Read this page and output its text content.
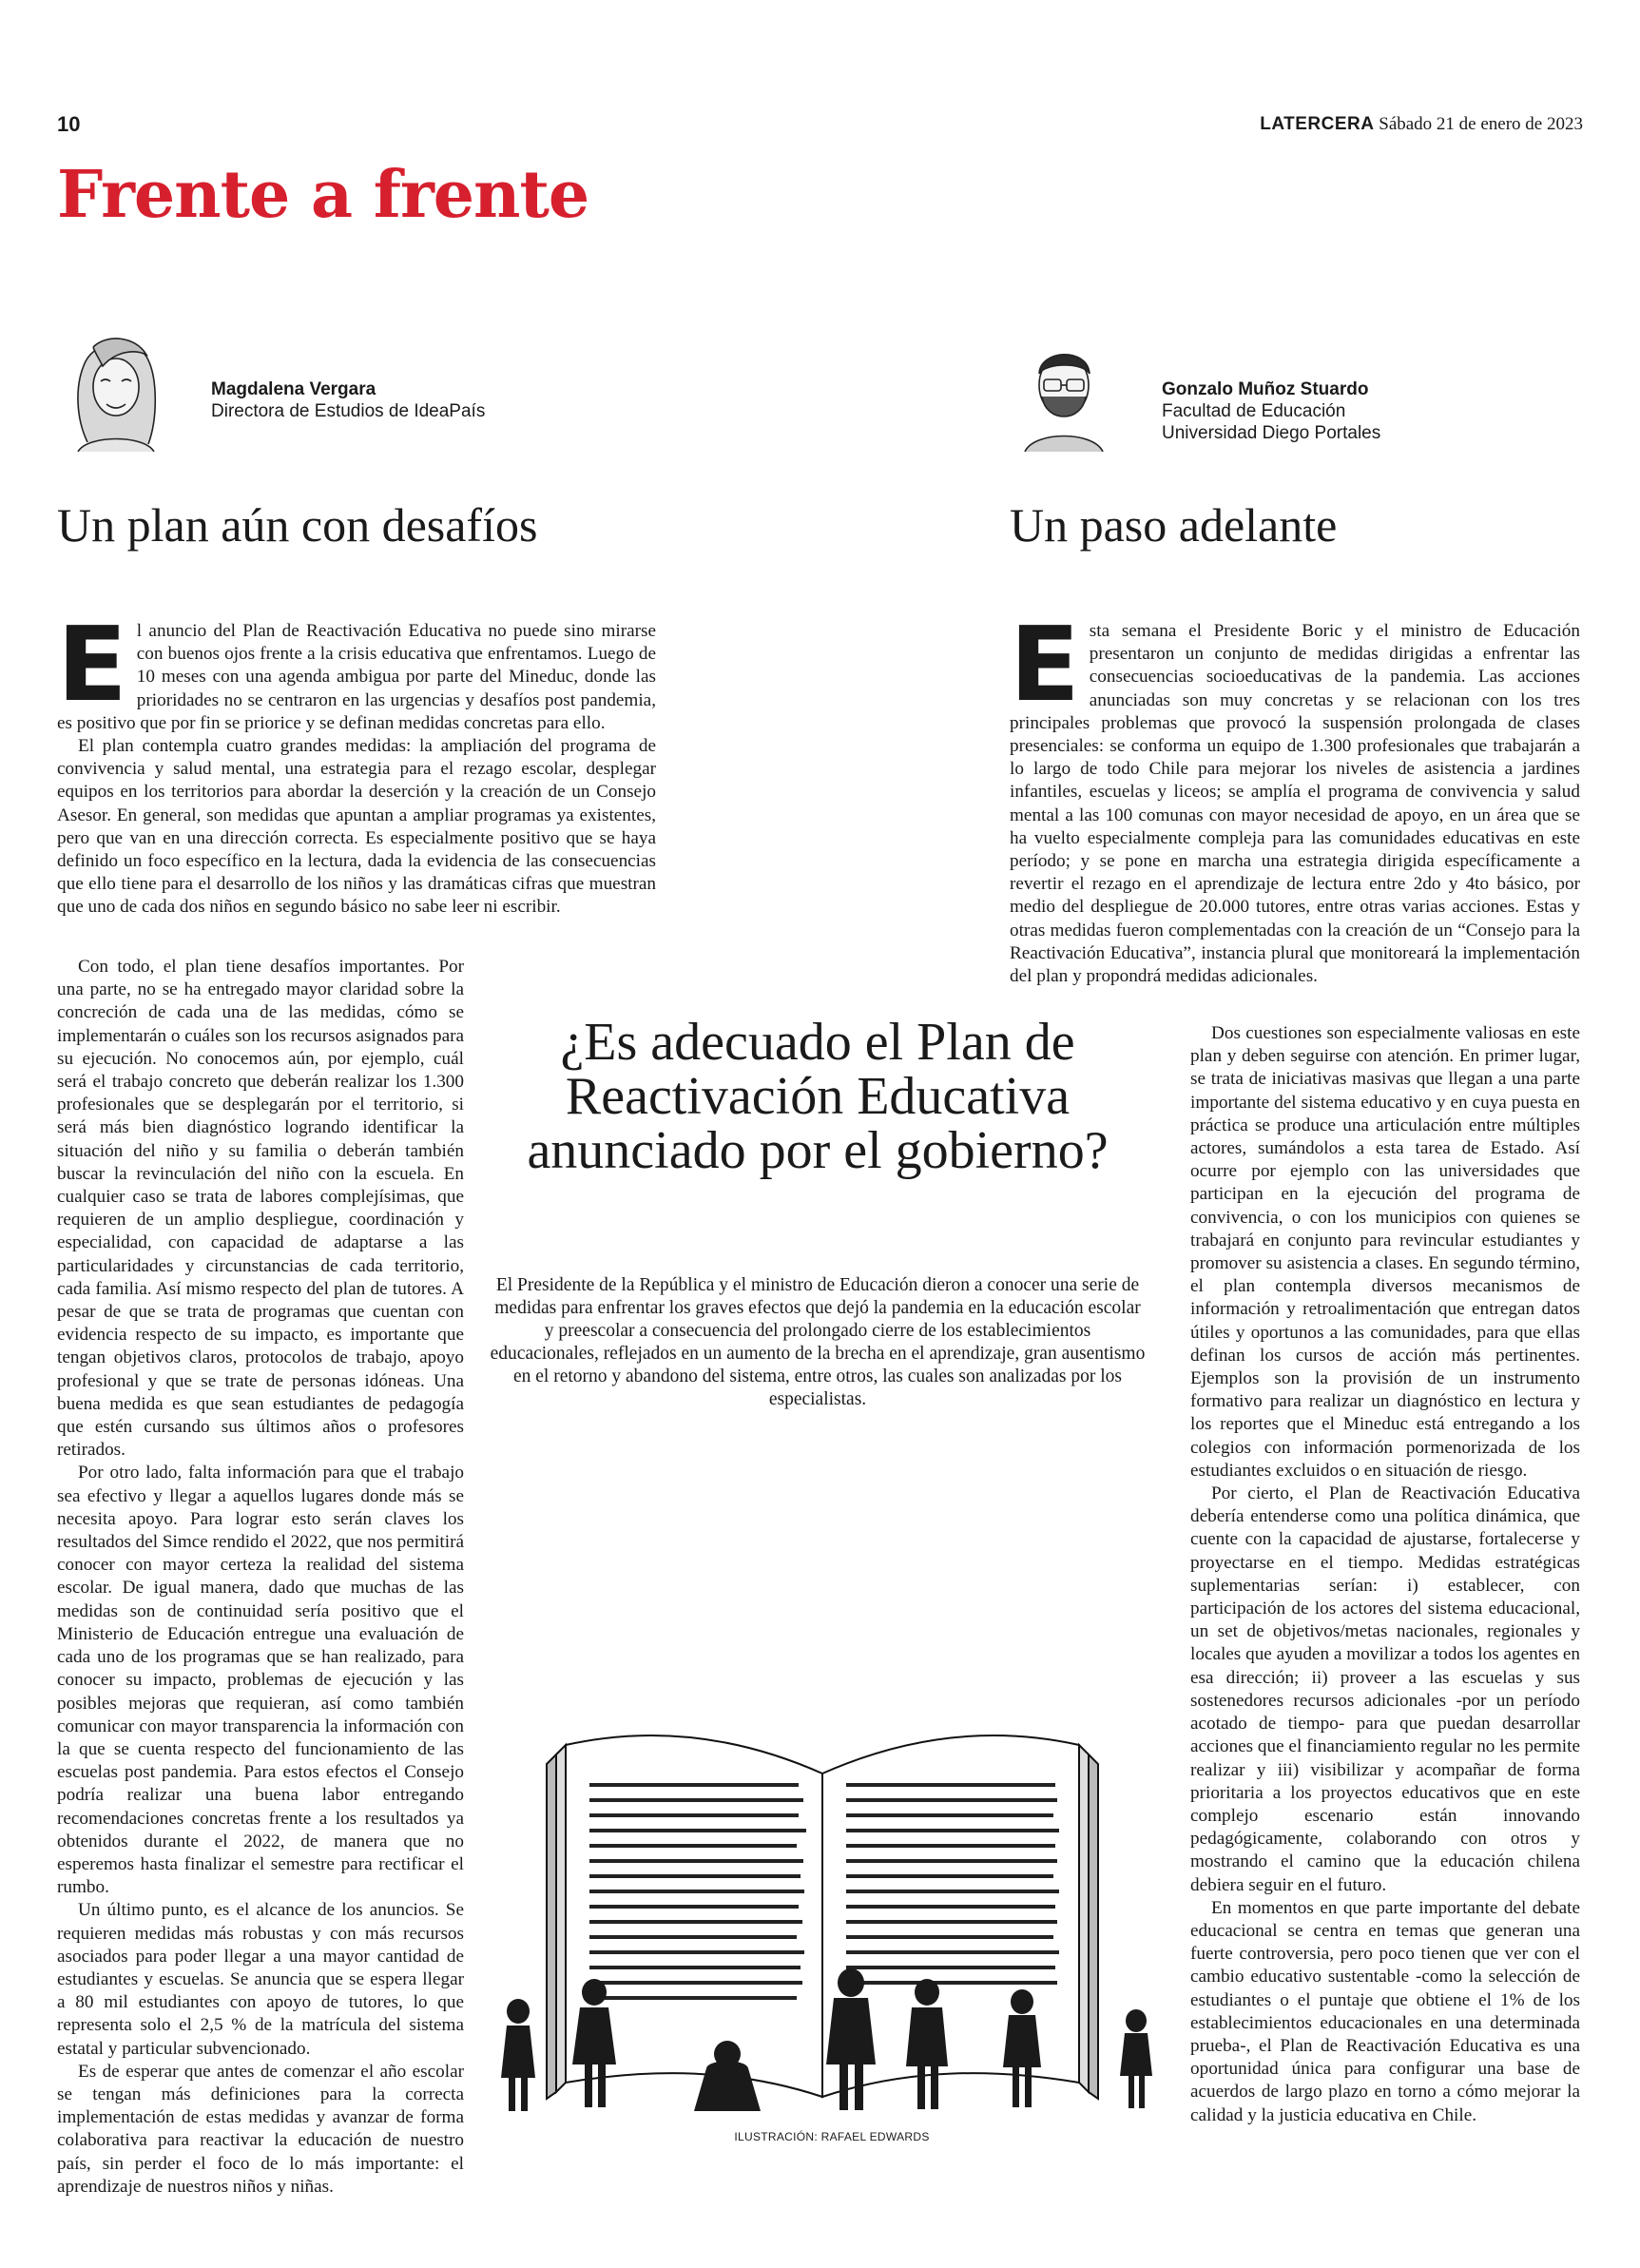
10	LATERCERA Sábado 21 de enero de 2023
Frente a frente
Magdalena Vergara
Directora de Estudios de IdeaPaís
Un plan aún con desafíos
Gonzalo Muñoz Stuardo
Facultad de Educación
Universidad Diego Portales
Un paso adelante
E l anuncio del Plan de Reactivación Educativa no puede sino mirarse con buenos ojos frente a la crisis educativa que enfrentamos. Luego de 10 meses con una agenda ambigua por parte del Mineduc, donde las prioridades no se centraron en las urgencias y desafíos post pandemia, es positivo que por fin se priorice y se definan medidas concretas para ello.

El plan contempla cuatro grandes medidas: la ampliación del programa de convivencia y salud mental, una estrategia para el rezago escolar, desplegar equipos en los territorios para abordar la deserción y la creación de un Consejo Asesor. En general, son medidas que apuntan a ampliar programas ya existentes, pero que van en una dirección correcta. Es especialmente positivo que se haya definido un foco específico en la lectura, dada la evidencia de las consecuencias que ello tiene para el desarrollo de los niños y las dramáticas cifras que muestran que uno de cada dos niños en segundo básico no sabe leer ni escribir.

Con todo, el plan tiene desafíos importantes. Por una parte, no se ha entregado mayor claridad sobre la concreción de cada una de las medidas, cómo se implementarán o cuáles son los recursos asignados para su ejecución. No conocemos aún, por ejemplo, cuál será el trabajo concreto que deberán realizar los 1.300 profesionales que se desplegarán por el territorio, si será más bien diagnóstico logrando identificar la situación del niño y su familia o deberán también buscar la revinculación del niño con la escuela. En cualquier caso se trata de labores complejísimas, que requieren de un amplio despliegue, coordinación y especialidad, con capacidad de adaptarse a las particularidades y circunstancias de cada territorio, cada familia. Así mismo respecto del plan de tutores. A pesar de que se trata de programas que cuentan con evidencia respecto de su impacto, es importante que tengan objetivos claros, protocolos de trabajo, apoyo profesional y que se trate de personas idóneas. Una buena medida es que sean estudiantes de pedagogía que estén cursando sus últimos años o profesores retirados.

Por otro lado, falta información para que el trabajo sea efectivo y llegar a aquellos lugares donde más se necesita apoyo. Para lograr esto serán claves los resultados del Simce rendido el 2022, que nos permitirá conocer con mayor certeza la realidad del sistema escolar. De igual manera, dado que muchas de las medidas son de continuidad sería positivo que el Ministerio de Educación entregue una evaluación de cada uno de los programas que se han realizado, para conocer su impacto, problemas de ejecución y las posibles mejoras que requieran, así como también comunicar con mayor transparencia la información con la que se cuenta respecto del funcionamiento de las escuelas post pandemia. Para estos efectos el Consejo podría realizar una buena labor entregando recomendaciones concretas frente a los resultados ya obtenidos durante el 2022, de manera que no esperemos hasta finalizar el semestre para rectificar el rumbo.

Un último punto, es el alcance de los anuncios. Se requieren medidas más robustas y con más recursos asociados para poder llegar a una mayor cantidad de estudiantes y escuelas. Se anuncia que se espera llegar a 80 mil estudiantes con apoyo de tutores, lo que representa solo el 2,5 % de la matrícula del sistema estatal y particular subvencionado.

Es de esperar que antes de comenzar el año escolar se tengan más definiciones para la correcta implementación de estas medidas y avanzar de forma colaborativa para reactivar la educación de nuestro país, sin perder el foco de lo más importante: el aprendizaje de nuestros niños y niñas.

E sta semana el Presidente Boric y el ministro de Educación presentaron un conjunto de medidas dirigidas a enfrentar las consecuencias socioeducativas de la pandemia. Las acciones anunciadas son muy concretas y se relacionan con los tres principales problemas que provocó la suspensión prolongada de clases presenciales: se conforma un equipo de 1.300 profesionales que trabajarán a lo largo de todo Chile para mejorar los niveles de asistencia a jardines infantiles, escuelas y liceos; se amplía el programa de convivencia y salud mental a las 100 comunas con mayor necesidad de apoyo, en un área que se ha vuelto especialmente compleja para las comunidades educativas en este período; y se pone en marcha una estrategia dirigida específicamente a revertir el rezago en el aprendizaje de lectura entre 2do y 4to básico, por medio del despliegue de 20.000 tutores, entre otras varias acciones. Estas y otras medidas fueron complementadas con la creación de un “Consejo para la Reactivación Educativa”, instancia plural que monitoreará la implementación del plan y propondrá medidas adicionales.

Dos cuestiones son especialmente valiosas en este plan y deben seguirse con atención. En primer lugar, se trata de iniciativas masivas que llegan a una parte importante del sistema educativo y en cuya puesta en práctica se produce una articulación entre múltiples actores, sumándolos a esta tarea de Estado. Así ocurre por ejemplo con las universidades que participan en la ejecución del programa de convivencia, o con los municipios con quienes se trabajará en conjunto para revincular estudiantes y promover su asistencia a clases. En segundo término, el plan contempla diversos mecanismos de información y retroalimentación que entregan datos útiles y oportunos a las comunidades, para que ellas definan los cursos de acción más pertinentes. Ejemplos son la provisión de un instrumento formativo para realizar un diagnóstico en lectura y los reportes que el Mineduc está entregando a los colegios con información pormenorizada de los estudiantes excluidos o en situación de riesgo.

Por cierto, el Plan de Reactivación Educativa debería entenderse como una política dinámica, que cuente con la capacidad de ajustarse, fortalecerse y proyectarse en el tiempo. Medidas estratégicas suplementarias serían: i) establecer, con participación de los actores del sistema educacional, un set de objetivos/metas nacionales, regionales y locales que ayuden a movilizar a todos los agentes en esa dirección; ii) proveer a las escuelas y sus sostenedores recursos adicionales -por un período acotado de tiempo- para que puedan desarrollar acciones que el financiamiento regular no les permite realizar y iii) visibilizar y acompañar de forma prioritaria a los proyectos educativos que en este complejo escenario están innovando pedagógicamente, colaborando con otros y mostrando el camino que la educación chilena debiera seguir en el futuro.

En momentos en que parte importante del debate educacional se centra en temas que generan una fuerte controversia, pero poco tienen que ver con el cambio educativo sustentable -como la selección de estudiantes o el puntaje que obtiene el 1% de los establecimientos educacionales en una determinada prueba-, el Plan de Reactivación Educativa es una oportunidad única para configurar una base de acuerdos de largo plazo en torno a cómo mejorar la calidad y la justicia educativa en Chile.

¿Es adecuado el Plan de Reactivación Educativa anunciado por el gobierno?
El Presidente de la República y el ministro de Educación dieron a conocer una serie de medidas para enfrentar los graves efectos que dejó la pandemia en la educación escolar y preescolar a consecuencia del prolongado cierre de los establecimientos educacionales, reflejados en un aumento de la brecha en el aprendizaje, gran ausentismo en el retorno y abandono del sistema, entre otros, las cuales son analizadas por los especialistas.
ILUSTRACIÓN: RAFAEL EDWARDS
